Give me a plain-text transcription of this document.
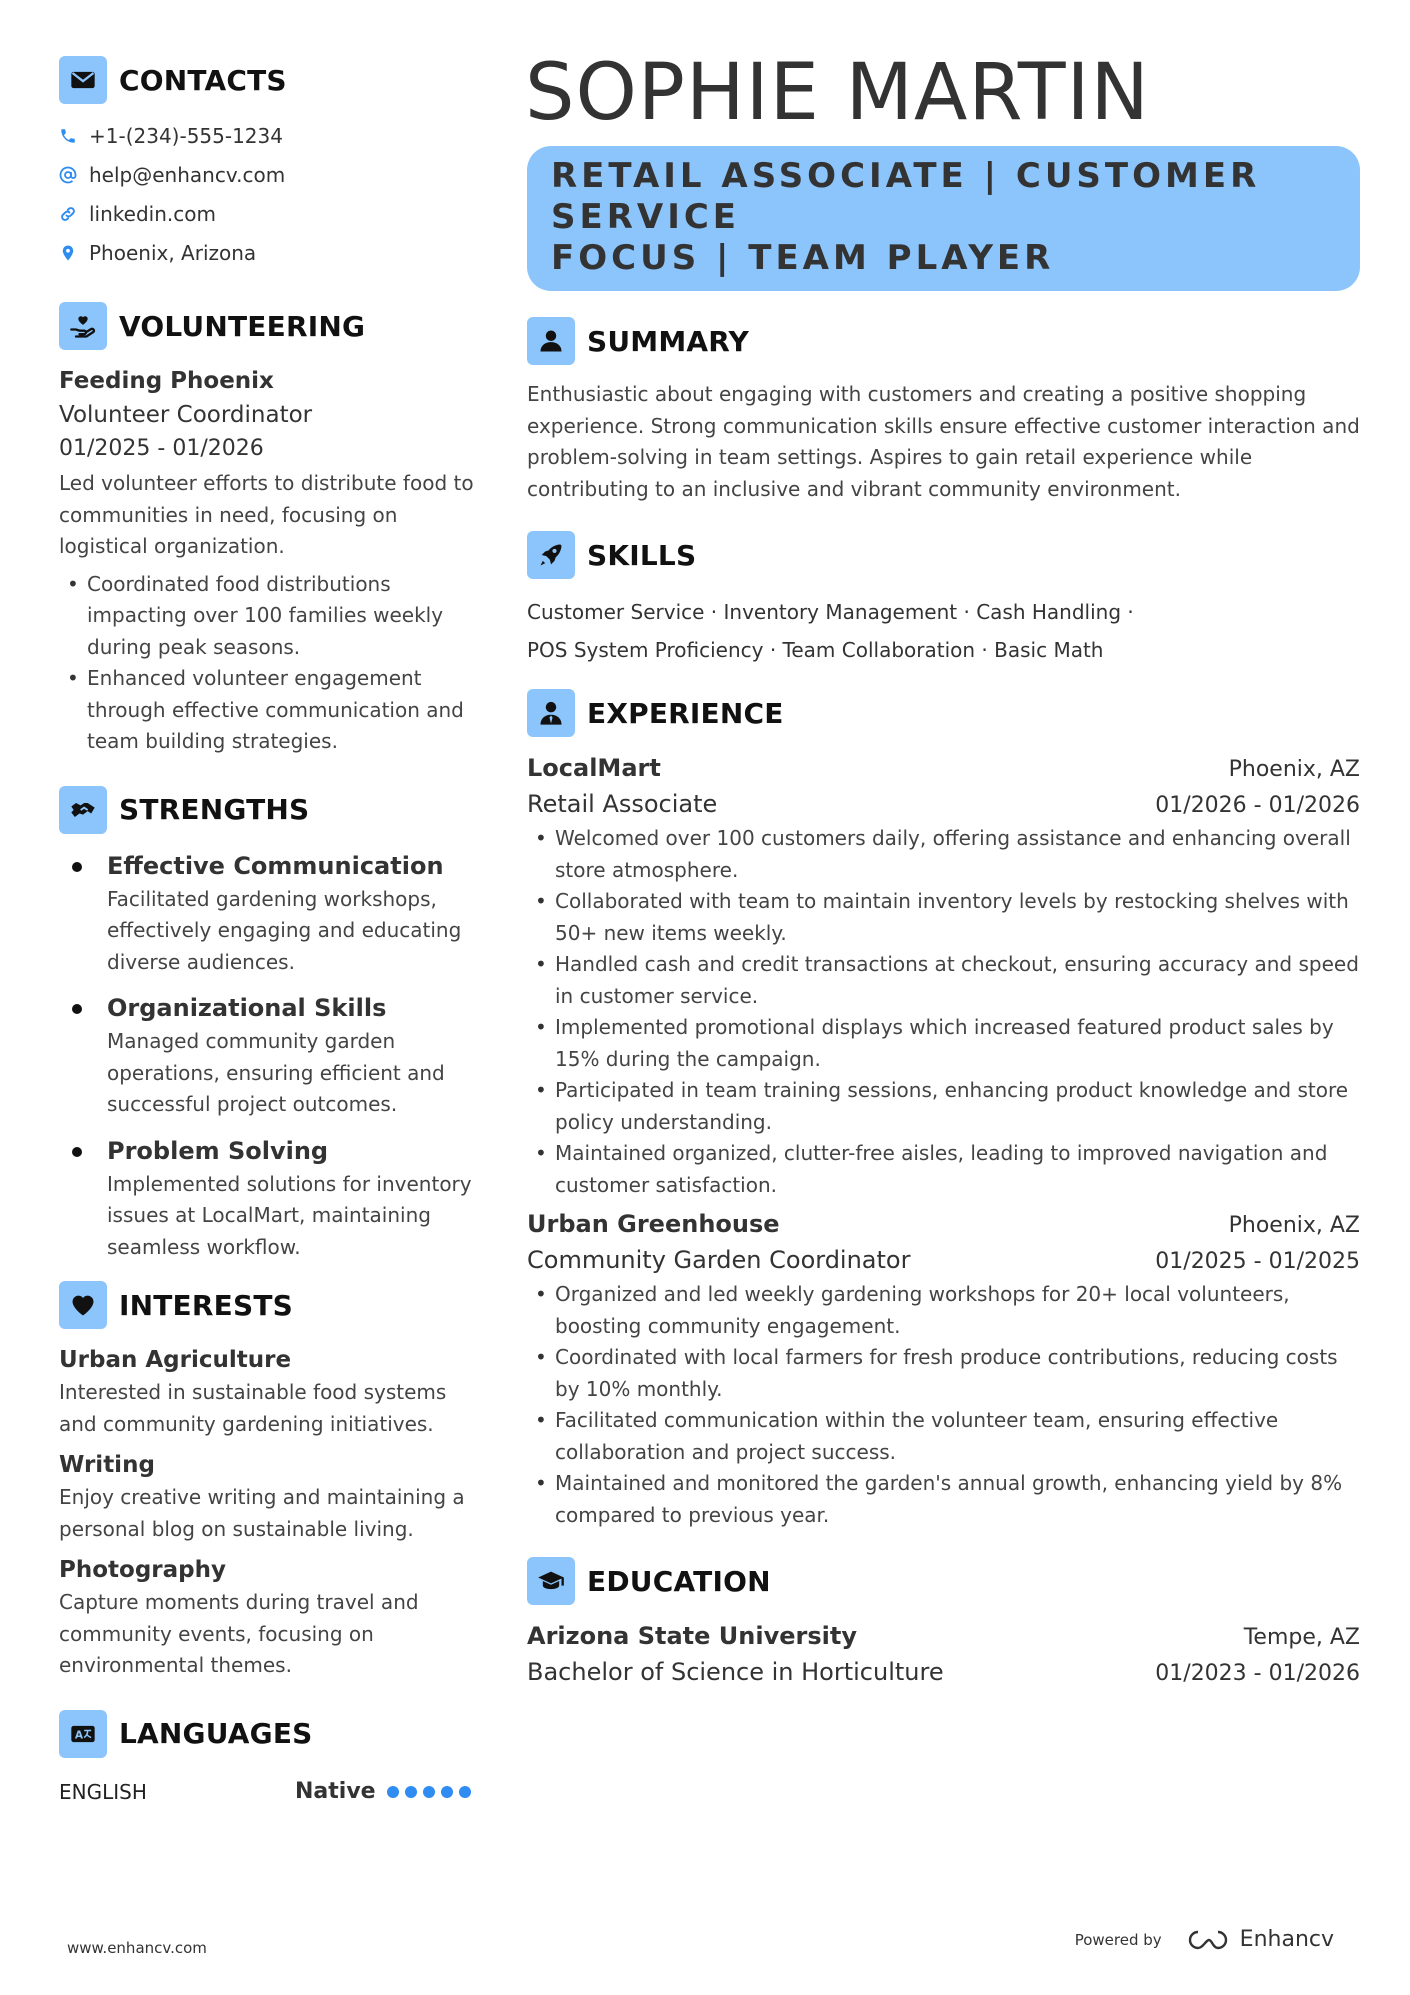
CONTACTS
+1-(234)-555-1234
help@enhancv.com
linkedin.com
Phoenix, Arizona
VOLUNTEERING
Feeding Phoenix
Volunteer Coordinator
01/2025 - 01/2026
Led volunteer efforts to distribute food to communities in need, focusing on logistical organization.
• Coordinated food distributions impacting over 100 families weekly during peak seasons.
• Enhanced volunteer engagement through effective communication and team building strategies.
STRENGTHS
Effective Communication
Facilitated gardening workshops, effectively engaging and educating diverse audiences.
Organizational Skills
Managed community garden operations, ensuring efficient and successful project outcomes.
Problem Solving
Implemented solutions for inventory issues at LocalMart, maintaining seamless workflow.
INTERESTS
Urban Agriculture
Interested in sustainable food systems and community gardening initiatives.
Writing
Enjoy creative writing and maintaining a personal blog on sustainable living.
Photography
Capture moments during travel and community events, focusing on environmental themes.
A LANGUAGES
ENGLISH	Native
SOPHIE MARTIN
RETAIL ASSOCIATE | CUSTOMER SERVICE
FOCUS | TEAM PLAYER
SUMMARY
Enthusiastic about engaging with customers and creating a positive shopping experience. Strong communication skills ensure effective customer interaction and problem-solving in team settings. Aspires to gain retail experience while contributing to an inclusive and vibrant community environment.
SKILLS
Customer Service · Inventory Management · Cash Handling ·
POS System Proficiency · Team Collaboration · Basic Math
EXPERIENCE
LocalMart	Phoenix, AZ
Retail Associate	01/2026 - 01/2026
• Welcomed over 100 customers daily, offering assistance and enhancing overall store atmosphere.
• Collaborated with team to maintain inventory levels by restocking shelves with 50+ new items weekly.
• Handled cash and credit transactions at checkout, ensuring accuracy and speed in customer service.
• Implemented promotional displays which increased featured product sales by 15% during the campaign.
• Participated in team training sessions, enhancing product knowledge and store policy understanding.
• Maintained organized, clutter-free aisles, leading to improved navigation and customer satisfaction.
Urban Greenhouse	Phoenix, AZ
Community Garden Coordinator	01/2025 - 01/2025
• Organized and led weekly gardening workshops for 20+ local volunteers, boosting community engagement.
• Coordinated with local farmers for fresh produce contributions, reducing costs by 10% monthly.
• Facilitated communication within the volunteer team, ensuring effective collaboration and project success.
• Maintained and monitored the garden's annual growth, enhancing yield by 8% compared to previous year.
EDUCATION
Arizona State University	Tempe, AZ
Bachelor of Science in Horticulture	01/2023 - 01/2026
www.enhancv.com	Powered by	Enhancv
